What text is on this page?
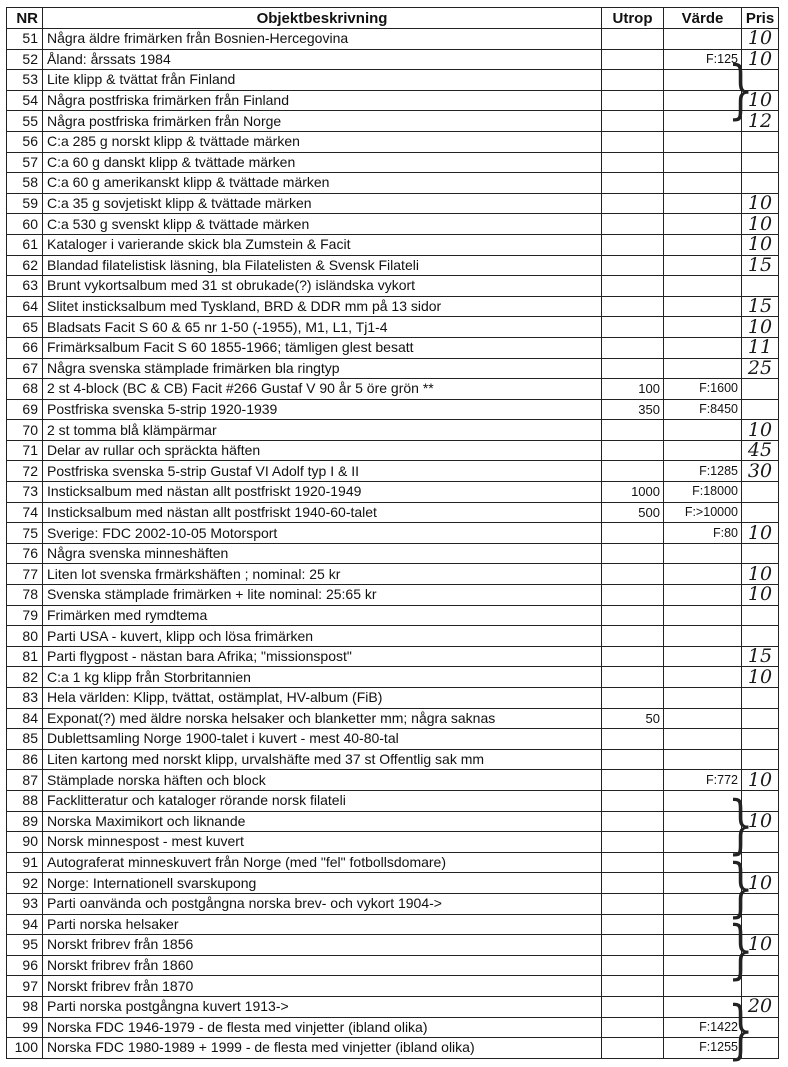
NR	Objektbeskrivning	Utrop	Värde	Pris
51	Några äldre frimärken från Bosnien-Hercegovina			10
52	Åland: årssats 1984		F:125	10
53	Lite klipp & tvättat från Finland			
54	Några postfriska frimärken från Finland			10
55	Några postfriska frimärken från Norge			12
56	C:a 285 g norskt klipp & tvättade märken			
57	C:a 60 g danskt klipp & tvättade märken			
58	C:a 60 g amerikanskt klipp & tvättade märken			
59	C:a 35 g sovjetiskt klipp & tvättade märken			10
60	C:a 530 g svenskt klipp & tvättade märken			10
61	Kataloger i varierande skick bla Zumstein & Facit			10
62	Blandad filatelistisk läsning, bla Filatelisten & Svensk Filateli			15
63	Brunt vykortsalbum med 31 st obrukade(?) isländska vykort			
64	Slitet insticksalbum med Tyskland, BRD & DDR mm på 13 sidor			15
65	Bladsats Facit S 60 & 65 nr 1-50 (-1955), M1, L1, Tj1-4			10
66	Frimärksalbum Facit S 60 1855-1966; tämligen glest besatt			11
67	Några svenska stämplade frimärken bla ringtyp			25
68	2 st 4-block (BC & CB) Facit #266 Gustaf V 90 år 5 öre grön **	100	F:1600	
69	Postfriska svenska 5-strip 1920-1939	350	F:8450	
70	2 st tomma blå klämpärmar			10
71	Delar av rullar och spräckta häften			45
72	Postfriska svenska 5-strip Gustaf VI Adolf typ I & II		F:1285	30
73	Insticksalbum med nästan allt postfriskt 1920-1949	1000	F:18000	
74	Insticksalbum med nästan allt postfriskt 1940-60-talet	500	F:>10000	
75	Sverige: FDC 2002-10-05 Motorsport		F:80	10
76	Några svenska minneshäften			
77	Liten lot svenska frmärkshäften ; nominal: 25 kr			10
78	Svenska stämplade frimärken + lite nominal: 25:65 kr			10
79	Frimärken med rymdtema			
80	Parti USA - kuvert, klipp och lösa frimärken			
81	Parti flygpost - nästan bara Afrika; "missionspost"			15
82	C:a 1 kg klipp från Storbritannien			10
83	Hela världen: Klipp, tvättat, ostämplat, HV-album (FiB)			
84	Exponat(?) med äldre norska helsaker och blanketter mm; några saknas	50		
85	Dublettsamling Norge 1900-talet i kuvert - mest 40-80-tal			
86	Liten kartong med norskt klipp, urvalshäfte med 37 st Offentlig sak mm			
87	Stämplade norska häften och block		F:772	10
88	Facklitteratur och kataloger rörande norsk filateli			
89	Norska Maximikort och liknande			10
90	Norsk minnespost - mest kuvert			
91	Autograferat minneskuvert från Norge (med "fel" fotbollsdomare)			
92	Norge: Internationell svarskupong			10
93	Parti oanvända och postgångna norska brev- och vykort 1904->			
94	Parti norska helsaker			
95	Norskt fribrev från 1856			10
96	Norskt fribrev från 1860			
97	Norskt fribrev från 1870			
98	Parti norska postgångna kuvert 1913->			20
99	Norska FDC 1946-1979 - de flesta med vinjetter (ibland olika)		F:1422	
100	Norska FDC 1980-1989 + 1999 - de flesta med vinjetter (ibland olika)		F:1255	
}
}
}
}
}
